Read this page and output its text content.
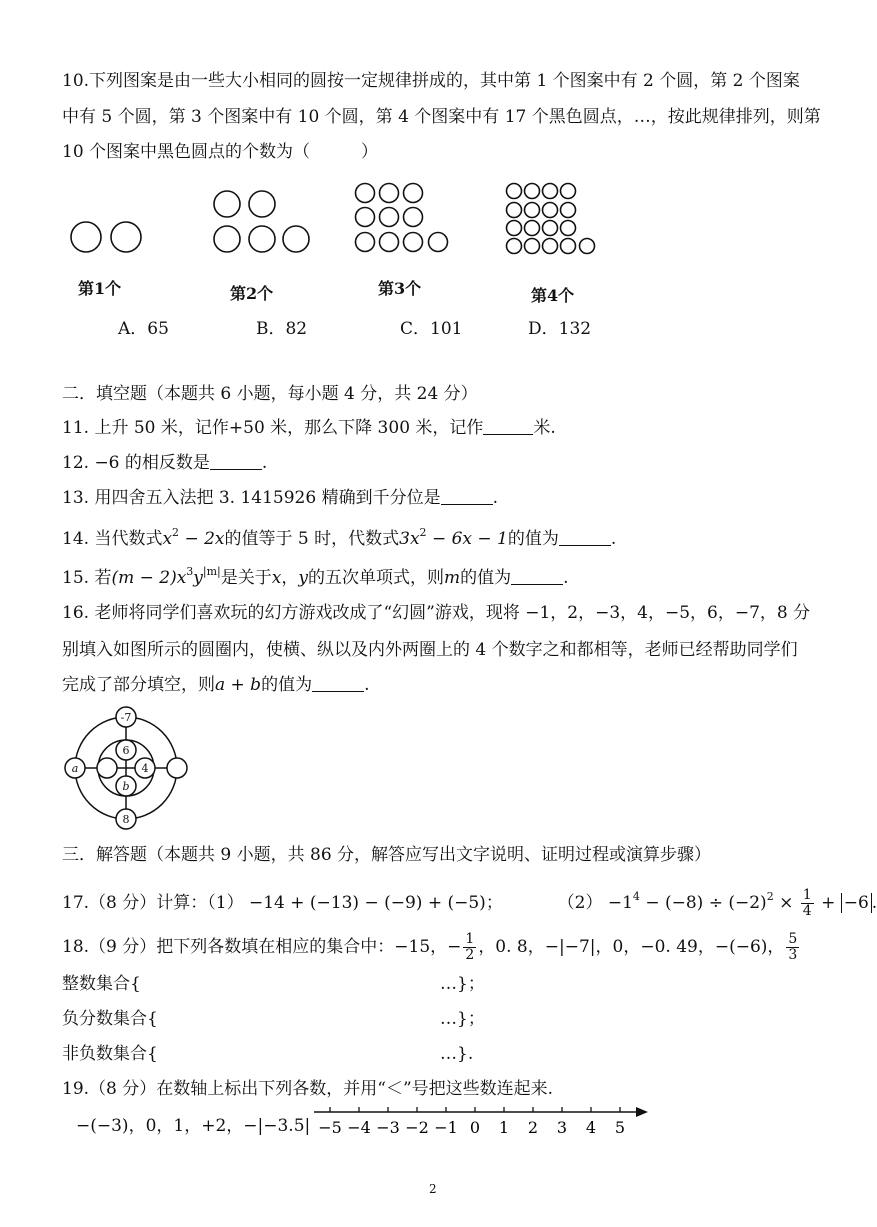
10.下列图案是由一些大小相同的圆按一定规律拼成的，其中第 1 个图案中有 2 个圆，第 2 个图案
中有 5 个圆，第 3 个图案中有 10 个圆，第 4 个图案中有 17 个黑色圆点，…，按此规律排列，则第
10 个图案中黑色圆点的个数为（　　　）
第1个	第2个	第3个	第4个
A．65	B．82	C．101	D．132
二．填空题（本题共 6 小题，每小题 4 分，共 24 分）
11. 上升 50 米，记作+50 米，那么下降 300 米，记作	米.
12. −6 的相反数是	.
13. 用四舍五入法把 3. 1415926 精确到千分位是	.
14. 当代数式$x^2 - 2x$的值等于 5 时，代数式$3x^2 - 6x - 1$的值为	.
15. 若$(m - 2)x^3y^{|m|}$是关于x，y的五次单项式，则m的值为	.
16. 老师将同学们喜欢玩的幻方游戏改成了“幻圆”游戏，现将 −1，2，−3，4，−5，6，−7，8 分
别填入如图所示的圆圈内，使横、纵以及内外两圈上的 4 个数字之和都相等，老师已经帮助同学们
完成了部分填空，则a + b的值为	.
-7
6
a	4
b
8
三．解答题（本题共 9 小题，共 86 分，解答应写出文字说明、证明过程或演算步骤）
17.（8 分）计算：（1） −14 + (−13) − (−9) + (−5)；	$(2) -1^4 - (-8) \div (-2)^2 \times \frac{1}{4} + -6$ .
18.（9 分）把下列各数填在相应的集合中：−15，− $\frac{1}{2}$ ，0. 8，−|−7|，0，−0. 49，−(−6)， $\frac{5}{3}$
整数集合{	…}；
负分数集合{	…}；
非负数集合{	…}.
19.（8 分）在数轴上标出下列各数，并用“＜”号把这些数连起来.
−(−3)，0，1，+2，−|−3.5| −5 −4 −3 −2 −1 0 1 2 3 4 5
2
